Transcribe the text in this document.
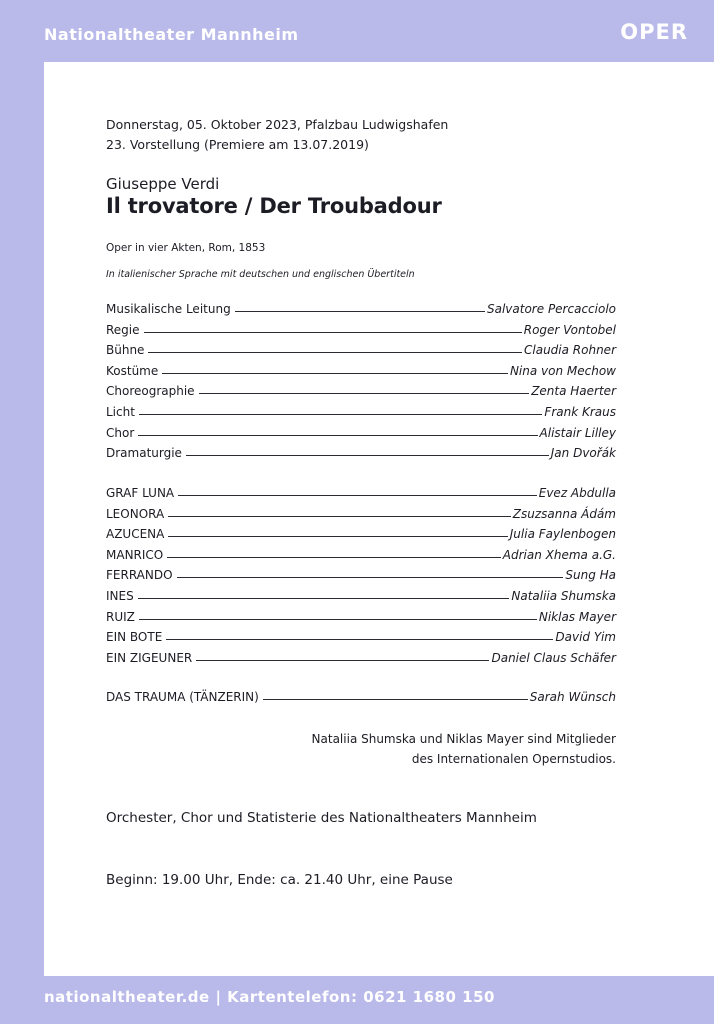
Nationaltheater Mannheim	OPER
Donnerstag, 05. Oktober 2023, Pfalzbau Ludwigshafen
23. Vorstellung (Premiere am 13.07.2019)
Giuseppe Verdi
Il trovatore / Der Troubadour
Oper in vier Akten, Rom, 1853
In italienischer Sprache mit deutschen und englischen Übertiteln
Musikalische Leitung	Salvatore Percacciolo
Regie	Roger Vontobel
Bühne	Claudia Rohner
Kostüme	Nina von Mechow
Choreographie	Zenta Haerter
Licht	Frank Kraus
Chor	Alistair Lilley
Dramaturgie	Jan Dvořák
GRAF LUNA	Evez Abdulla
LEONORA	Zsuzsanna Ádám
AZUCENA	Julia Faylenbogen
MANRICO	Adrian Xhema a.G.
FERRANDO	Sung Ha
INES	Nataliia Shumska
RUIZ	Niklas Mayer
EIN BOTE	David Yim
EIN ZIGEUNER	Daniel Claus Schäfer
DAS TRAUMA (TÄNZERIN)	Sarah Wünsch
Nataliia Shumska und Niklas Mayer sind Mitglieder
des Internationalen Opernstudios.
Orchester, Chor und Statisterie des Nationaltheaters Mannheim
Beginn: 19.00 Uhr, Ende: ca. 21.40 Uhr, eine Pause
nationaltheater.de | Kartentelefon: 0621 1680 150
